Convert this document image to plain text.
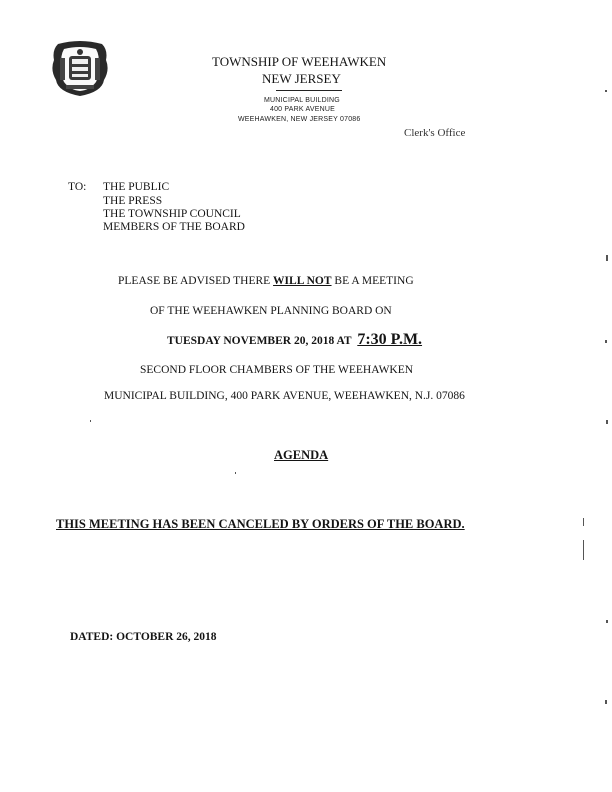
TOWNSHIP OF WEEHAWKEN
NEW JERSEY
MUNICIPAL BUILDING
400 PARK AVENUE
WEEHAWKEN, NEW JERSEY 07086
Clerk's Office
TO: THE PUBLIC
THE PRESS
THE TOWNSHIP COUNCIL
MEMBERS OF THE BOARD
PLEASE BE ADVISED THERE WILL NOT BE A MEETING
OF THE WEEHAWKEN PLANNING BOARD ON
TUESDAY NOVEMBER 20, 2018 AT 7:30 P.M.
SECOND FLOOR CHAMBERS OF THE WEEHAWKEN
MUNICIPAL BUILDING, 400 PARK AVENUE, WEEHAWKEN, N.J. 07086
AGENDA
THIS MEETING HAS BEEN CANCELED BY ORDERS OF THE BOARD.
DATED: OCTOBER 26, 2018
